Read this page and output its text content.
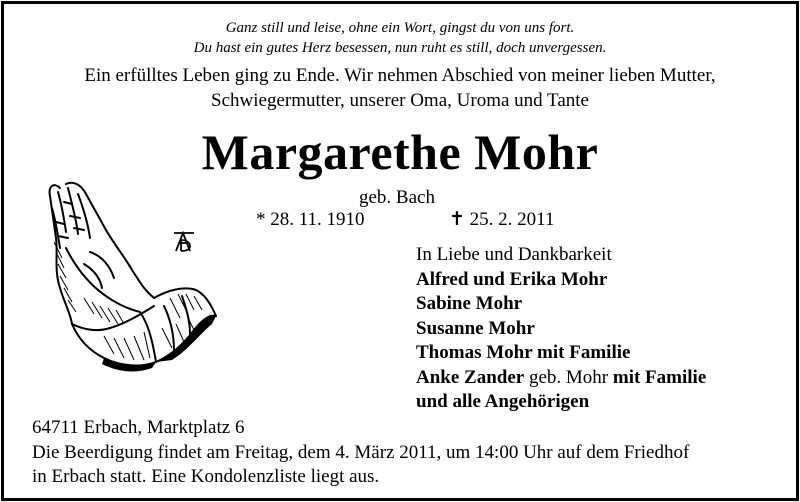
Ganz still und leise, ohne ein Wort, gingst du von uns fort.
Du hast ein gutes Herz besessen, nun ruht es still, doch unvergessen.
Ein erfülltes Leben ging zu Ende. Wir nehmen Abschied von meiner lieben Mutter,
Schwiegermutter, unserer Oma, Uroma und Tante
Margarethe Mohr
geb. Bach
* 28. 11. 1910	✝ 25. 2. 2011
In Liebe und Dankbarkeit
Alfred und Erika Mohr
Sabine Mohr
Susanne Mohr
Thomas Mohr mit Familie
Anke Zander geb. Mohr mit Familie
und alle Angehörigen
64711 Erbach, Marktplatz 6
Die Beerdigung findet am Freitag, dem 4. März 2011, um 14:00 Uhr auf dem Friedhof
in Erbach statt. Eine Kondolenzliste liegt aus.
